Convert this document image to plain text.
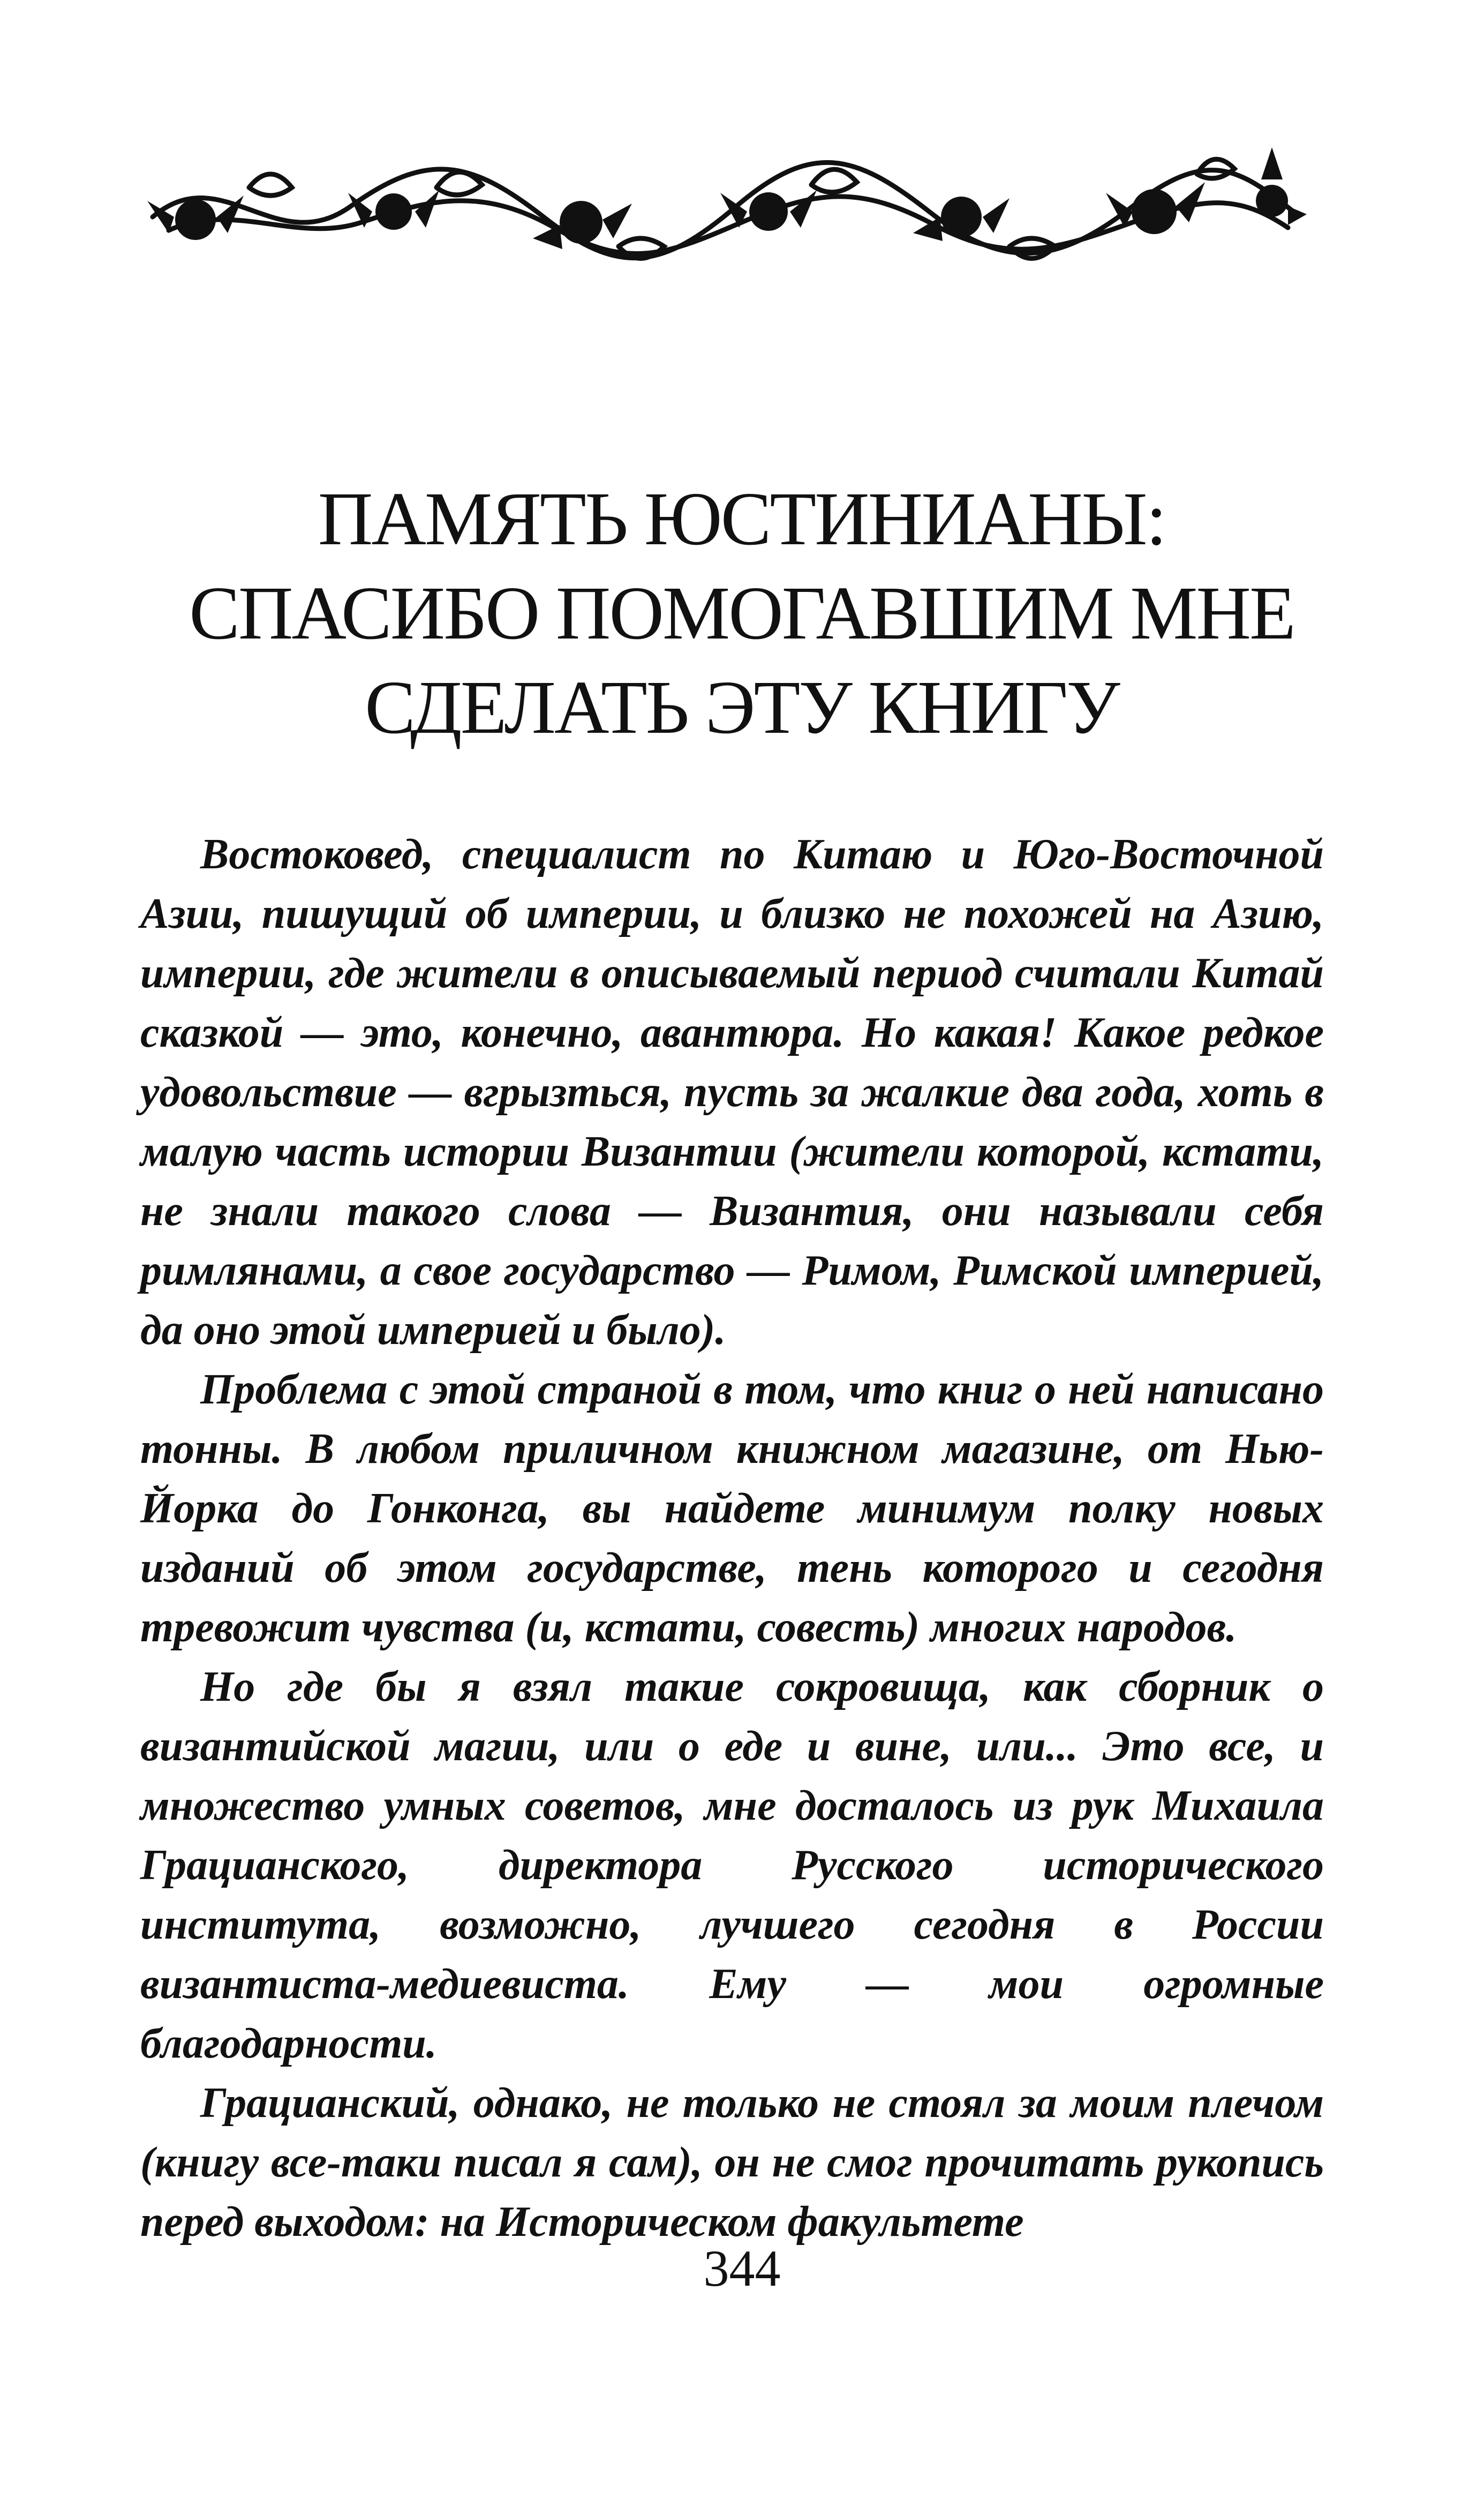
ПАМЯТЬ ЮСТИНИАНЫ:
СПАСИБО ПОМОГАВШИМ МНЕ
СДЕЛАТЬ ЭТУ КНИГУ

Востоковед, специалист по Китаю и Юго-Восточной Азии, пишущий об империи, и близко не похожей на Азию, империи, где жители в описываемый период считали Китай сказкой — это, конечно, авантюра. Но какая! Какое редкое удовольствие — вгрызться, пусть за жалкие два года, хоть в малую часть истории Византии (жители которой, кстати, не знали такого слова — Византия, они называли себя римлянами, а свое государство — Римом, Римской империей, да оно этой империей и было).

Проблема с этой страной в том, что книг о ней написано тонны. В любом приличном книжном магазине, от Нью-Йорка до Гонконга, вы найдете минимум полку новых изданий об этом государстве, тень которого и сегодня тревожит чувства (и, кстати, совесть) многих народов.

Но где бы я взял такие сокровища, как сборник о византийской магии, или о еде и вине, или... Это все, и множество умных советов, мне досталось из рук Михаила Грацианского, директора Русского исторического института, возможно, лучшего сегодня в России византиста-медиевиста. Ему — мои огромные благодарности.

Грацианский, однако, не только не стоял за моим плечом (книгу все-таки писал я сам), он не смог прочитать рукопись перед выходом: на Историческом факультете

344
